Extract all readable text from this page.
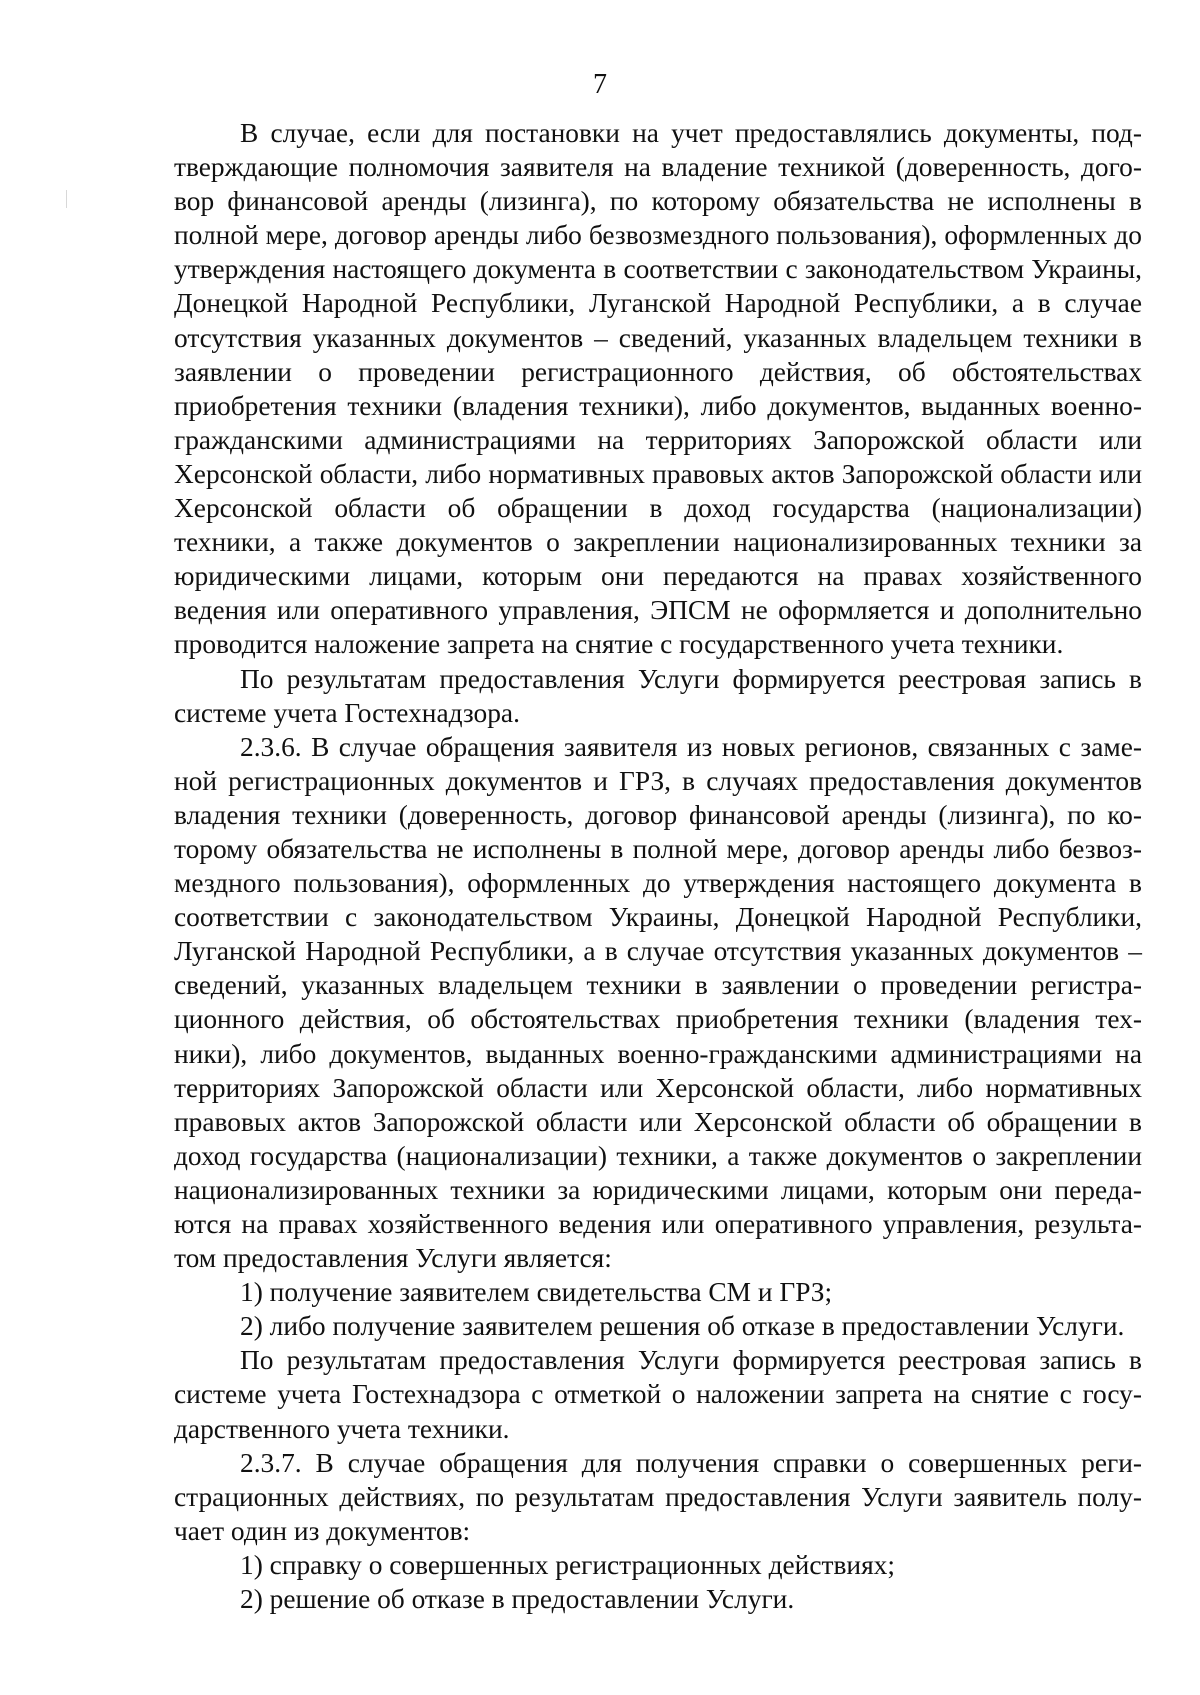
7

В случае, если для постановки на учет предоставлялись документы, подтверждающие полномочия заявителя на владение техникой (доверенность, договор финансовой аренды (лизинга), по которому обязательства не исполнены в полной мере, договор аренды либо безвозмездного пользования), оформленных до утверждения настоящего документа в соответствии с законодательством Украины, Донецкой Народной Республики, Луганской Народной Республики, а в случае отсутствия указанных документов – сведений, указанных владельцем техники в заявлении о проведении регистрационного действия, об обстоятельствах приобретения техники (владения техники), либо документов, выданных военно-гражданскими администрациями на территориях Запорожской области или Херсонской области, либо нормативных правовых актов Запорожской области или Херсонской области об обращении в доход государства (национализации) техники, а также документов о закреплении национализированных техники за юридическими лицами, которым они передаются на правах хозяйственного ведения или оперативного управления, ЭПСМ не оформляется и дополнительно проводится наложение запрета на снятие с государственного учета техники.

По результатам предоставления Услуги формируется реестровая запись в системе учета Гостехнадзора.

2.3.6. В случае обращения заявителя из новых регионов, связанных с заменой регистрационных документов и ГРЗ, в случаях предоставления документов владения техники (доверенность, договор финансовой аренды (лизинга), по которому обязательства не исполнены в полной мере, договор аренды либо безвозмездного пользования), оформленных до утверждения настоящего документа в соответствии с законодательством Украины, Донецкой Народной Республики, Луганской Народной Республики, а в случае отсутствия указанных документов – сведений, указанных владельцем техники в заявлении о проведении регистрационного действия, об обстоятельствах приобретения техники (владения техники), либо документов, выданных военно-гражданскими администрациями на территориях Запорожской области или Херсонской области, либо нормативных правовых актов Запорожской области или Херсонской области об обращении в доход государства (национализации) техники, а также документов о закреплении национализированных техники за юридическими лицами, которым они передаются на правах хозяйственного ведения или оперативного управления, результатом предоставления Услуги является:

1) получение заявителем свидетельства СМ и ГРЗ;

2) либо получение заявителем решения об отказе в предоставлении Услуги.

По результатам предоставления Услуги формируется реестровая запись в системе учета Гостехнадзора с отметкой о наложении запрета на снятие с государственного учета техники.

2.3.7. В случае обращения для получения справки о совершенных регистрационных действиях, по результатам предоставления Услуги заявитель получает один из документов:

1) справку о совершенных регистрационных действиях;

2) решение об отказе в предоставлении Услуги.
